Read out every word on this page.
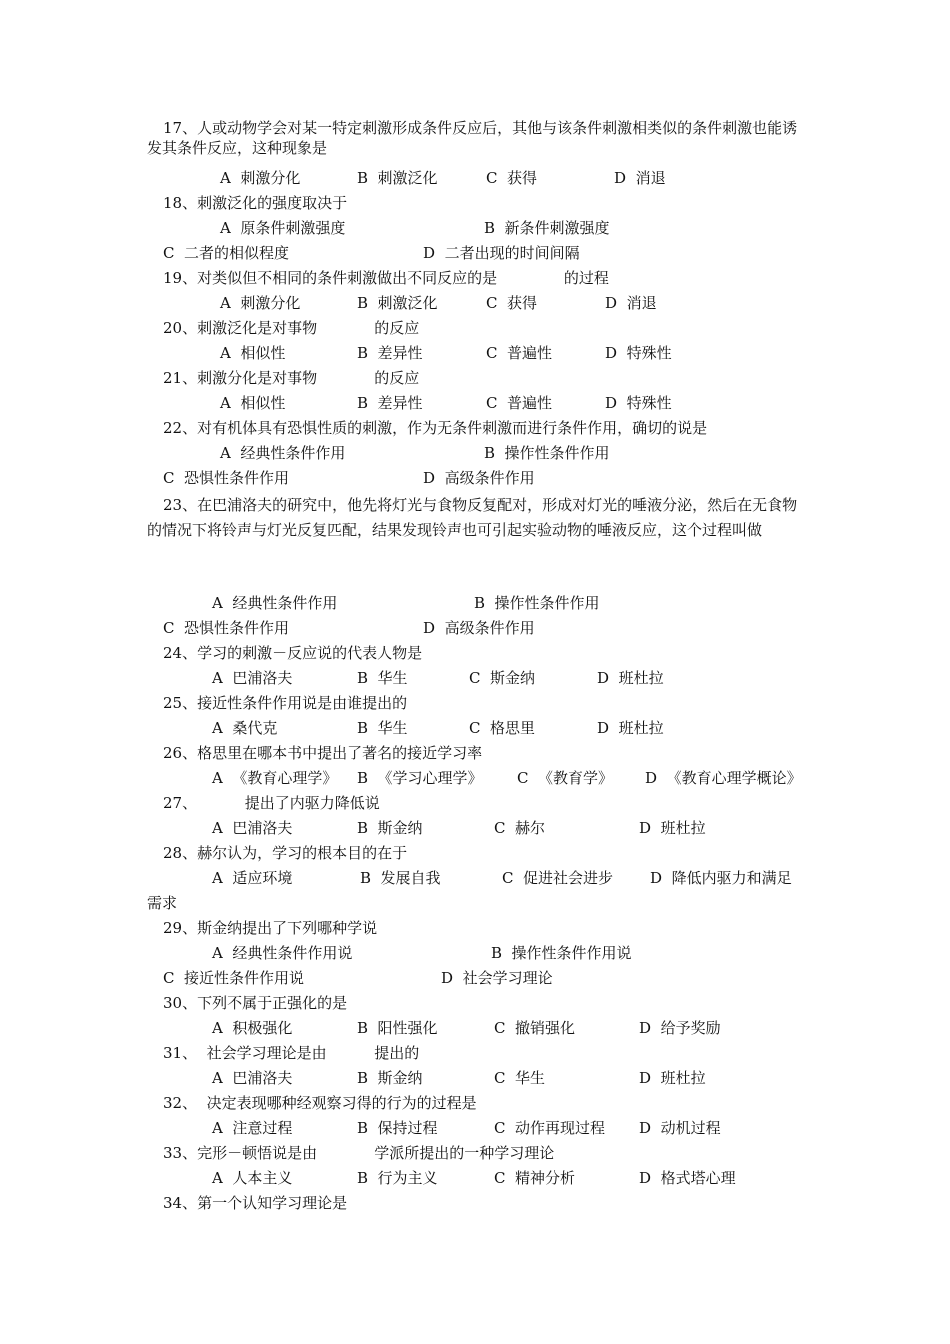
17、人或动物学会对某一特定刺激形成条件反应后，其他与该条件刺激相类似的条件刺激也能诱发其条件反应，这种现象是
A  刺激分化	B  刺激泛化	C  获得	D  消退
18、刺激泛化的强度取决于
A  原条件刺激强度	B  新条件刺激强度
C  二者的相似程度	D  二者出现的时间间隔
19、对类似但不相同的条件刺激做出不同反应的是              的过程
A  刺激分化	B  刺激泛化	C  获得	D  消退
20、刺激泛化是对事物            的反应
A  相似性	B  差异性	C  普遍性	D  特殊性
21、刺激分化是对事物            的反应
A  相似性	B  差异性	C  普遍性	D  特殊性
22、对有机体具有恐惧性质的刺激，作为无条件刺激而进行条件作用，确切的说是
A  经典性条件作用	B  操作性条件作用
C  恐惧性条件作用	D  高级条件作用
23、在巴浦洛夫的研究中，他先将灯光与食物反复配对，形成对灯光的唾液分泌，然后在无食物的情况下将铃声与灯光反复匹配，结果发现铃声也可引起实验动物的唾液反应，这个过程叫做
A  经典性条件作用	B  操作性条件作用
C  恐惧性条件作用	D  高级条件作用
24、学习的刺激－反应说的代表人物是
A  巴浦洛夫	B  华生	C  斯金纳	D  班杜拉
25、接近性条件作用说是由谁提出的
A  桑代克	B  华生	C  格思里	D  班杜拉
26、格思里在哪本书中提出了著名的接近学习率
A  《教育心理学》 B  《学习心理学》 C  《教育学》 D  《教育心理学概论》
27、          提出了内驱力降低说
A  巴浦洛夫	B  斯金纳	C  赫尔	D  班杜拉
28、赫尔认为，学习的根本目的在于
A  适应环境	B  发展自我	C  促进社会进步 D  降低内驱力和满足
需求
29、斯金纳提出了下列哪种学说
A  经典性条件作用说	B  操作性条件作用说
C  接近性条件作用说	D  社会学习理论
30、下列不属于正强化的是
A  积极强化	B  阳性强化	C  撤销强化	D  给予奖励
31、  社会学习理论是由          提出的
A  巴浦洛夫	B  斯金纳	C  华生	D  班杜拉
32、  决定表现哪种经观察习得的行为的过程是
A  注意过程	B  保持过程	C  动作再现过程 D  动机过程
33、完形－顿悟说是由            学派所提出的一种学习理论
A  人本主义	B  行为主义	C  精神分析	D  格式塔心理
34、第一个认知学习理论是
